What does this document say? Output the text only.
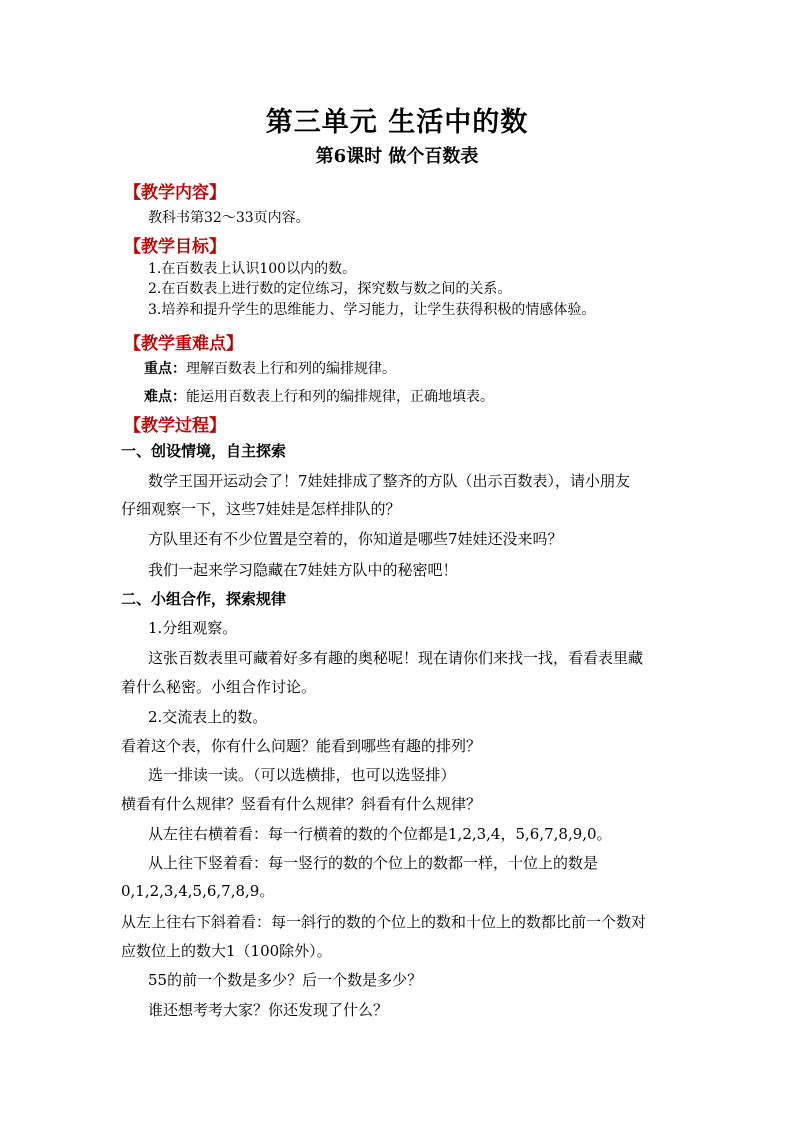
第三单元 生活中的数
第6课时 做个百数表
【教学内容】
教科书第32～33页内容。
【教学目标】
1.在百数表上认识100以内的数。
2.在百数表上进行数的定位练习，探究数与数之间的关系。
3.培养和提升学生的思维能力、学习能力，让学生获得积极的情感体验。
【教学重难点】
重点：理解百数表上行和列的编排规律。
难点：能运用百数表上行和列的编排规律，正确地填表。
【教学过程】
一、创设情境，自主探索
数学王国开运动会了！7娃娃排成了整齐的方队（出示百数表），请小朋友
仔细观察一下，这些7娃娃是怎样排队的？
方队里还有不少位置是空着的，你知道是哪些7娃娃还没来吗？
我们一起来学习隐藏在7娃娃方队中的秘密吧！
二、小组合作，探索规律
1.分组观察。
这张百数表里可藏着好多有趣的奥秘呢！现在请你们来找一找，看看表里藏
着什么秘密。小组合作讨论。
2.交流表上的数。
看着这个表，你有什么问题？能看到哪些有趣的排列？
选一排读一读。（可以选横排，也可以选竖排）
横看有什么规律？竖看有什么规律？斜看有什么规律？
从左往右横着看：每一行横着的数的个位都是1,2,3,4，5,6,7,8,9,0。
从上往下竖着看：每一竖行的数的个位上的数都一样，十位上的数是
0,1,2,3,4,5,6,7,8,9。
从左上往右下斜着看：每一斜行的数的个位上的数和十位上的数都比前一个数对
应数位上的数大1（100除外）。
55的前一个数是多少？后一个数是多少？
谁还想考考大家？你还发现了什么？
